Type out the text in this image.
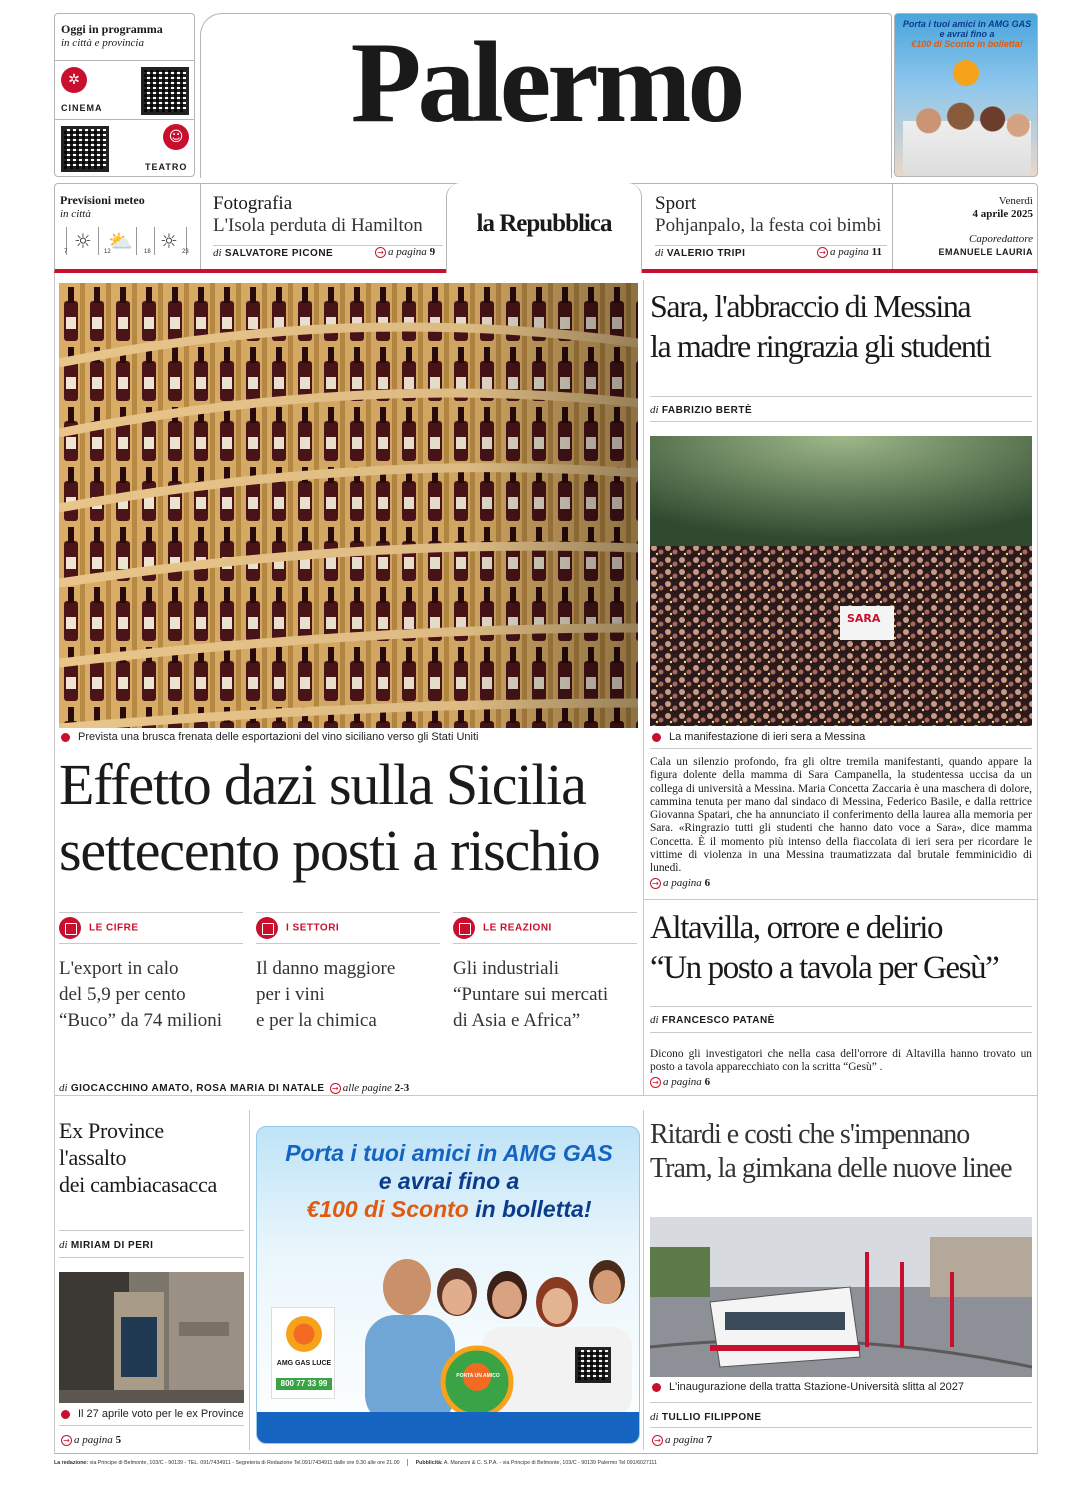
Oggi in programma
in città e provincia
✲
CINEMA
☺
TEATRO
Palermo	Porta i tuoi amici in AMG GAS
e avrai fino a
€100 di Sconto in bolletta!
Previsioni meteo
in città
☼ ⛅ ☼
7	12	18	23
Fotografia
L'Isola perduta di Hamilton
di SALVATORE PICONE	→ a pagina 9
la Repubblica
Sport
Pohjanpalo, la festa coi bimbi
di VALERIO TRIPI	→ a pagina 11
Venerdì
4 aprile 2025
Caporedattore
EMANUELE LAURIA
Prevista una brusca frenata delle esportazioni del vino siciliano verso gli Stati Uniti
Effetto dazi sulla Sicilia
settecento posti a rischio
LE CIFRE
L'export in calo
del 5,9 per cento
“Buco” da 74 milioni
I SETTORI
Il danno maggiore
per i vini
e per la chimica
LE REAZIONI
Gli industriali
“Puntare sui mercati
di Asia e Africa”
di GIOCACCHINO AMATO, ROSA MARIA DI NATALE → alle pagine 2-3
Sara, l'abbraccio di Messina
la madre ringrazia gli studenti
di FABRIZIO BERTÈ
SARA
La manifestazione di ieri sera a Messina
Cala un silenzio profondo, fra gli oltre tremila manifestanti, quando appare la figura dolente della mamma di Sara Campanella, la studentessa uccisa da un collega di università a Messina. Maria Concetta Zaccaria è una maschera di dolore, cammina tenuta per mano dal sindaco di Messina, Federico Basile, e dalla rettrice Giovanna Spatari, che ha annunciato il conferimento della laurea alla memoria per Sara. «Ringrazio tutti gli studenti che hanno dato voce a Sara», dice mamma Concetta. È il momento più intenso della fiaccolata di ieri sera per ricordare le vittime di violenza in una Messina traumatizzata dal brutale femminicidio di lunedì.
→ a pagina 6
Altavilla, orrore e delirio
“Un posto a tavola per Gesù”
di FRANCESCO PATANÈ
Dicono gli investigatori che nella casa dell'orrore di Altavilla hanno trovato un posto a tavola apparecchiato con la scritta “Gesù” .
→ a pagina 6
Ex Province
l'assalto
dei cambiacasacca
di MIRIAM DI PERI
Il 27 aprile voto per le ex Province
→ a pagina 5
Porta i tuoi amici in AMG GAS
e avrai fino a
€100 di Sconto in bolletta!
AMG GAS LUCE
800 77 33 99
PORTA UN AMICO
Ritardi e costi che s'impennano
Tram, la gimkana delle nuove linee
L'inaugurazione della tratta Stazione-Università slitta al 2027
di TULLIO FILIPPONE
→ a pagina 7
La redazione: via Principe di Belmonte, 103/C - 90139 - TEL. 091/7434911 - Segreteria di Redazione Tel.091/7434911 dalle ore 9.30 alle ore 21.00	Pubblicità: A. Manzoni & C. S.P.A. - via Principe di Belmonte, 103/C - 90139 Palermo Tel 091/6027111
